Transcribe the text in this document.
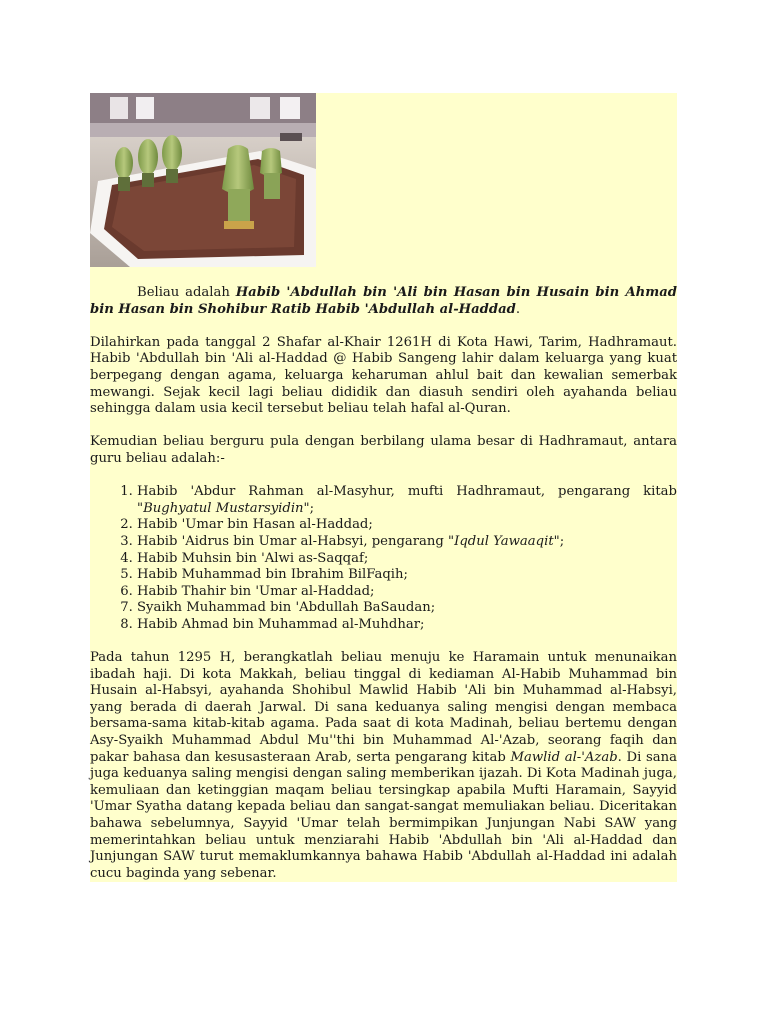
Beliau adalah Habib 'Abdullah bin 'Ali bin Hasan bin Husain bin Ahmad bin Hasan bin Shohibur Ratib Habib 'Abdullah al-Haddad.

Dilahirkan pada tanggal 2 Shafar al-Khair 1261H di Kota Hawi, Tarim, Hadhramaut. Habib 'Abdullah bin 'Ali al-Haddad @ Habib Sangeng lahir dalam keluarga yang kuat berpegang dengan agama, keluarga keharuman ahlul bait dan kewalian semerbak mewangi. Sejak kecil lagi beliau dididik dan diasuh sendiri oleh ayahanda beliau sehingga dalam usia kecil tersebut beliau telah hafal al-Quran.

Kemudian beliau berguru pula dengan berbilang ulama besar di Hadhramaut, antara guru beliau adalah:-

1. Habib 'Abdur Rahman al-Masyhur, mufti Hadhramaut, pengarang kitab "Bughyatul Mustarsyidin";
2. Habib 'Umar bin Hasan al-Haddad;
3. Habib 'Aidrus bin Umar al-Habsyi, pengarang "Iqdul Yawaaqit";
4. Habib Muhsin bin 'Alwi as-Saqqaf;
5. Habib Muhammad bin Ibrahim BilFaqih;
6. Habib Thahir bin 'Umar al-Haddad;
7. Syaikh Muhammad bin 'Abdullah BaSaudan;
8. Habib Ahmad bin Muhammad al-Muhdhar;

Pada tahun 1295 H, berangkatlah beliau menuju ke Haramain untuk menunaikan ibadah haji. Di kota Makkah, beliau tinggal di kediaman Al-Habib Muhammad bin Husain al-Habsyi, ayahanda Shohibul Mawlid Habib 'Ali bin Muhammad al-Habsyi, yang berada di daerah Jarwal. Di sana keduanya saling mengisi dengan membaca bersama-sama kitab-kitab agama. Pada saat di kota Madinah, beliau bertemu dengan Asy-Syaikh Muhammad Abdul Mu''thi bin Muhammad Al-'Azab, seorang faqih dan pakar bahasa dan kesusasteraan Arab, serta pengarang kitab Mawlid al-'Azab. Di sana juga keduanya saling mengisi dengan saling memberikan ijazah. Di Kota Madinah juga, kemuliaan dan ketinggian maqam beliau tersingkap apabila Mufti Haramain, Sayyid 'Umar Syatha datang kepada beliau dan sangat-sangat memuliakan beliau. Diceritakan bahawa sebelumnya, Sayyid 'Umar telah bermimpikan Junjungan Nabi SAW yang memerintahkan beliau untuk menziarahi Habib 'Abdullah bin 'Ali al-Haddad dan Junjungan SAW turut memaklumkannya bahawa Habib 'Abdullah al-Haddad ini adalah cucu baginda yang sebenar.
